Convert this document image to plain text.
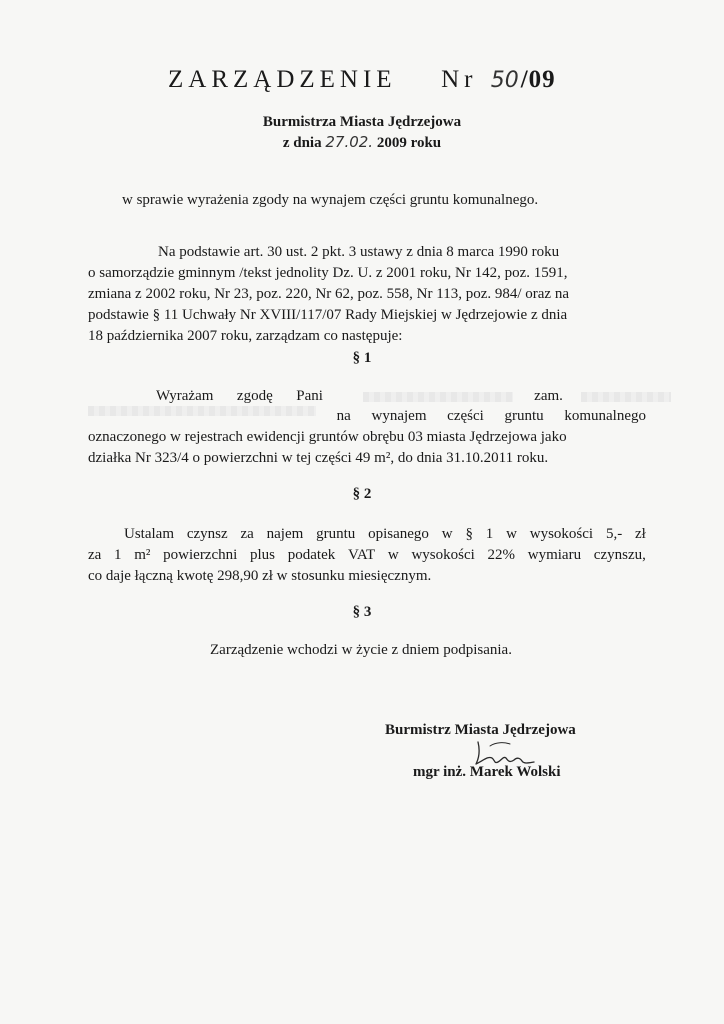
ZARZĄDZENIE Nr 50/09
Burmistrza Miasta Jędrzejowa
z dnia 27.02. 2009 roku
w sprawie wyrażenia zgody na wynajem części gruntu komunalnego.
Na podstawie art. 30 ust. 2 pkt. 3 ustawy z dnia 8 marca 1990 roku
o samorządzie gminnym /tekst jednolity Dz. U. z 2001 roku, Nr 142, poz. 1591,
zmiana z 2002 roku, Nr 23, poz. 220, Nr 62, poz. 558, Nr 113, poz. 984/ oraz na
podstawie § 11 Uchwały Nr XVIII/117/07 Rady Miejskiej w Jędrzejowie z dnia
18 października 2007 roku, zarządzam co następuje:
§ 1
Wyrażam zgodę Pani	zam.
na wynajem części gruntu komunalnego
oznaczonego w rejestrach ewidencji gruntów obrębu 03 miasta Jędrzejowa jako
działka Nr 323/4 o powierzchni w tej części 49 m², do dnia 31.10.2011 roku.
§ 2
Ustalam czynsz za najem gruntu opisanego w § 1 w wysokości 5,- zł
za 1 m² powierzchni plus podatek VAT w wysokości 22% wymiaru czynszu,
co daje łączną kwotę 298,90 zł w stosunku miesięcznym.
§ 3
Zarządzenie wchodzi w życie z dniem podpisania.
Burmistrz Miasta Jędrzejowa
mgr inż. Marek Wolski
